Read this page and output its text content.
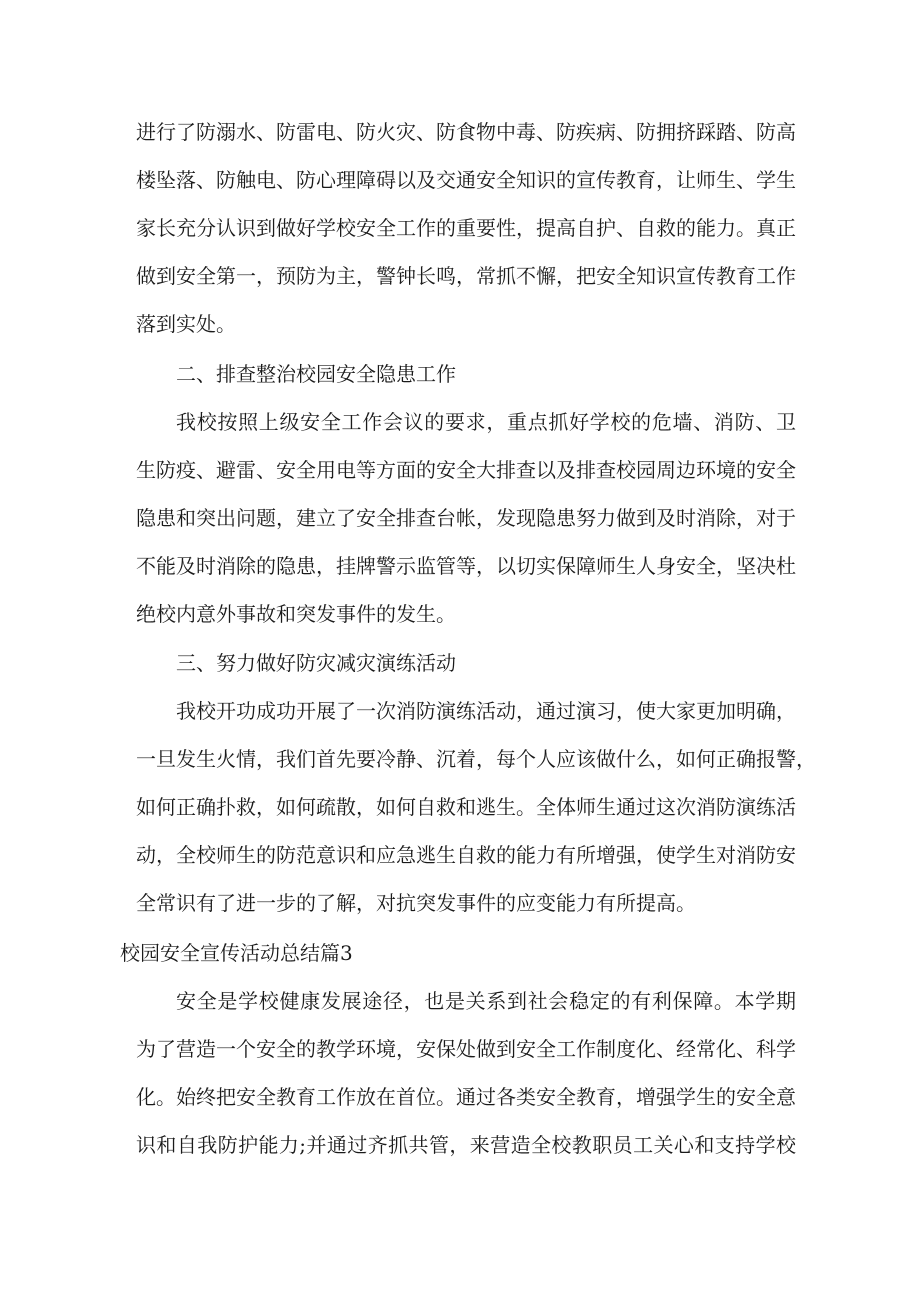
进行了防溺水、防雷电、防火灾、防食物中毒、防疾病、防拥挤踩踏、防高
楼坠落、防触电、防心理障碍以及交通安全知识的宣传教育，让师生、学生
家长充分认识到做好学校安全工作的重要性，提高自护、自救的能力。真正
做到安全第一，预防为主，警钟长鸣，常抓不懈，把安全知识宣传教育工作
落到实处。
二、排查整治校园安全隐患工作
我校按照上级安全工作会议的要求，重点抓好学校的危墙、消防、卫
生防疫、避雷、安全用电等方面的安全大排查以及排查校园周边环境的安全
隐患和突出问题，建立了安全排查台帐，发现隐患努力做到及时消除，对于
不能及时消除的隐患，挂牌警示监管等，以切实保障师生人身安全，坚决杜
绝校内意外事故和突发事件的发生。
三、努力做好防灾减灾演练活动
我校开功成功开展了一次消防演练活动，通过演习，使大家更加明确，
一旦发生火情，我们首先要冷静、沉着，每个人应该做什么，如何正确报警，
如何正确扑救，如何疏散，如何自救和逃生。全体师生通过这次消防演练活
动，全校师生的防范意识和应急逃生自救的能力有所增强，使学生对消防安
全常识有了进一步的了解，对抗突发事件的应变能力有所提高。
校园安全宣传活动总结篇3
安全是学校健康发展途径，也是关系到社会稳定的有利保障。本学期
为了营造一个安全的教学环境，安保处做到安全工作制度化、经常化、科学
化。始终把安全教育工作放在首位。通过各类安全教育，增强学生的安全意
识和自我防护能力;并通过齐抓共管，来营造全校教职员工关心和支持学校
